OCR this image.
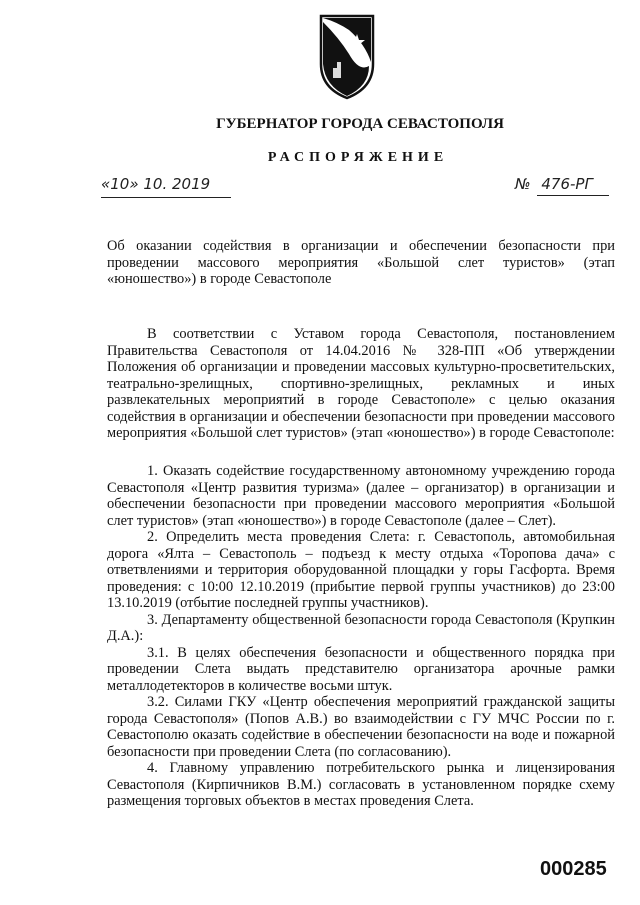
ГУБЕРНАТОР ГОРОДА СЕВАСТОПОЛЯ
РАСПОРЯЖЕНИЕ
«10» 10. 2019	№ 476-РГ
Об оказании содействия в организации и обеспечении безопасности при проведении массового мероприятия «Большой слет туристов» (этап «юношество») в городе Севастополе
В соответствии с Уставом города Севастополя, постановлением Правительства Севастополя от 14.04.2016 № 328-ПП «Об утверждении Положения об организации и проведении массовых культурно-просветительских, театрально-зрелищных, спортивно-зрелищных, рекламных и иных развлекательных мероприятий в городе Севастополе» с целью оказания содействия в организации и обеспечении безопасности при проведении массового мероприятия «Большой слет туристов» (этап «юношество») в городе Севастополе:

1. Оказать содействие государственному автономному учреждению города Севастополя «Центр развития туризма» (далее – организатор) в организации и обеспечении безопасности при проведении массового мероприятия «Большой слет туристов» (этап «юношество») в городе Севастополе (далее – Слет).

2. Определить места проведения Слета: г. Севастополь, автомобильная дорога «Ялта – Севастополь – подъезд к месту отдыха «Торопова дача» с ответвлениями и территория оборудованной площадки у горы Гасфорта. Время проведения: с 10:00 12.10.2019 (прибытие первой группы участников) до 23:00 13.10.2019 (отбытие последней группы участников).

3. Департаменту общественной безопасности города Севастополя (Крупкин Д.А.):

3.1. В целях обеспечения безопасности и общественного порядка при проведении Слета выдать представителю организатора арочные рамки металлодетекторов в количестве восьми штук.

3.2. Силами ГКУ «Центр обеспечения мероприятий гражданской защиты города Севастополя» (Попов А.В.) во взаимодействии с ГУ МЧС России по г. Севастополю оказать содействие в обеспечении безопасности на воде и пожарной безопасности при проведении Слета (по согласованию).

4. Главному управлению потребительского рынка и лицензирования Севастополя (Кирпичников В.М.) согласовать в установленном порядке схему размещения торговых объектов в местах проведения Слета.

000285
